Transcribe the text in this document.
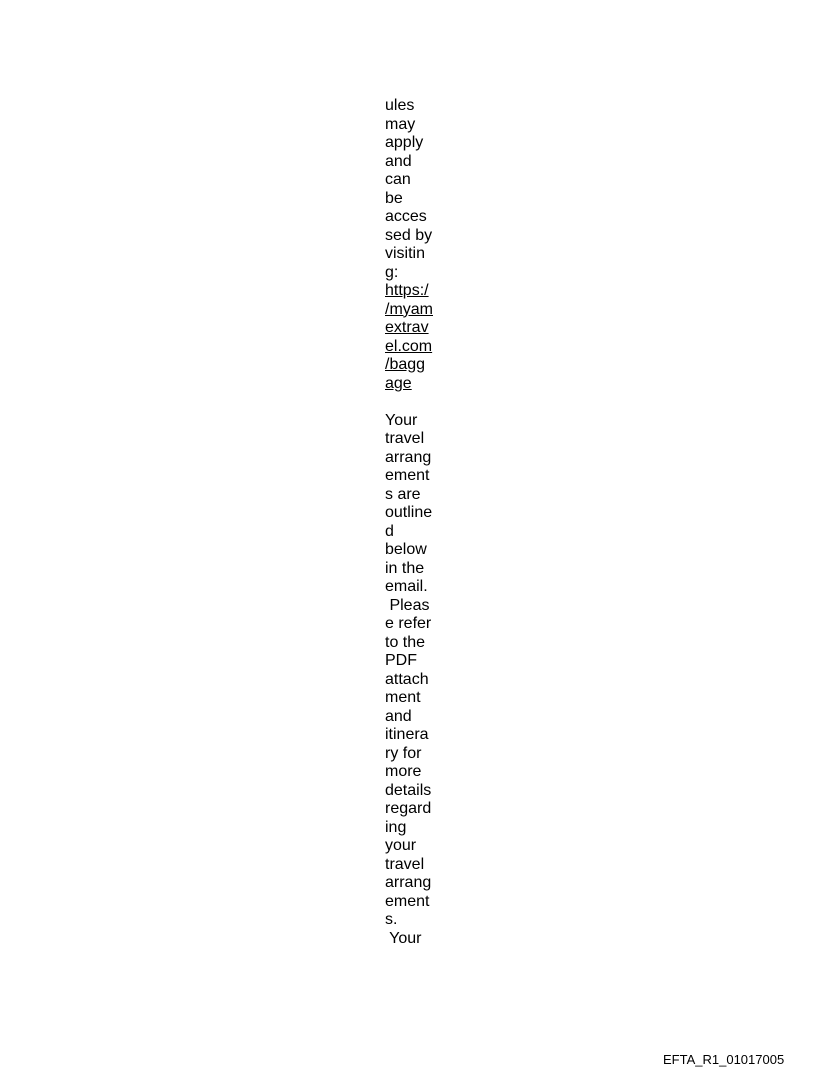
ules
may
apply
and
can
be
acces
sed by
visitin
g:
https:/
/myam
extrav
el.com
/bagg
age
Your
travel
arrang
ement
s are
outline
d
below
in the
email.
Pleas
e refer
to the
PDF
attach
ment
and
itinera
ry for
more
details
regard
ing
your
travel
arrang
ement
s.
Your
EFTA_R1_01017005
